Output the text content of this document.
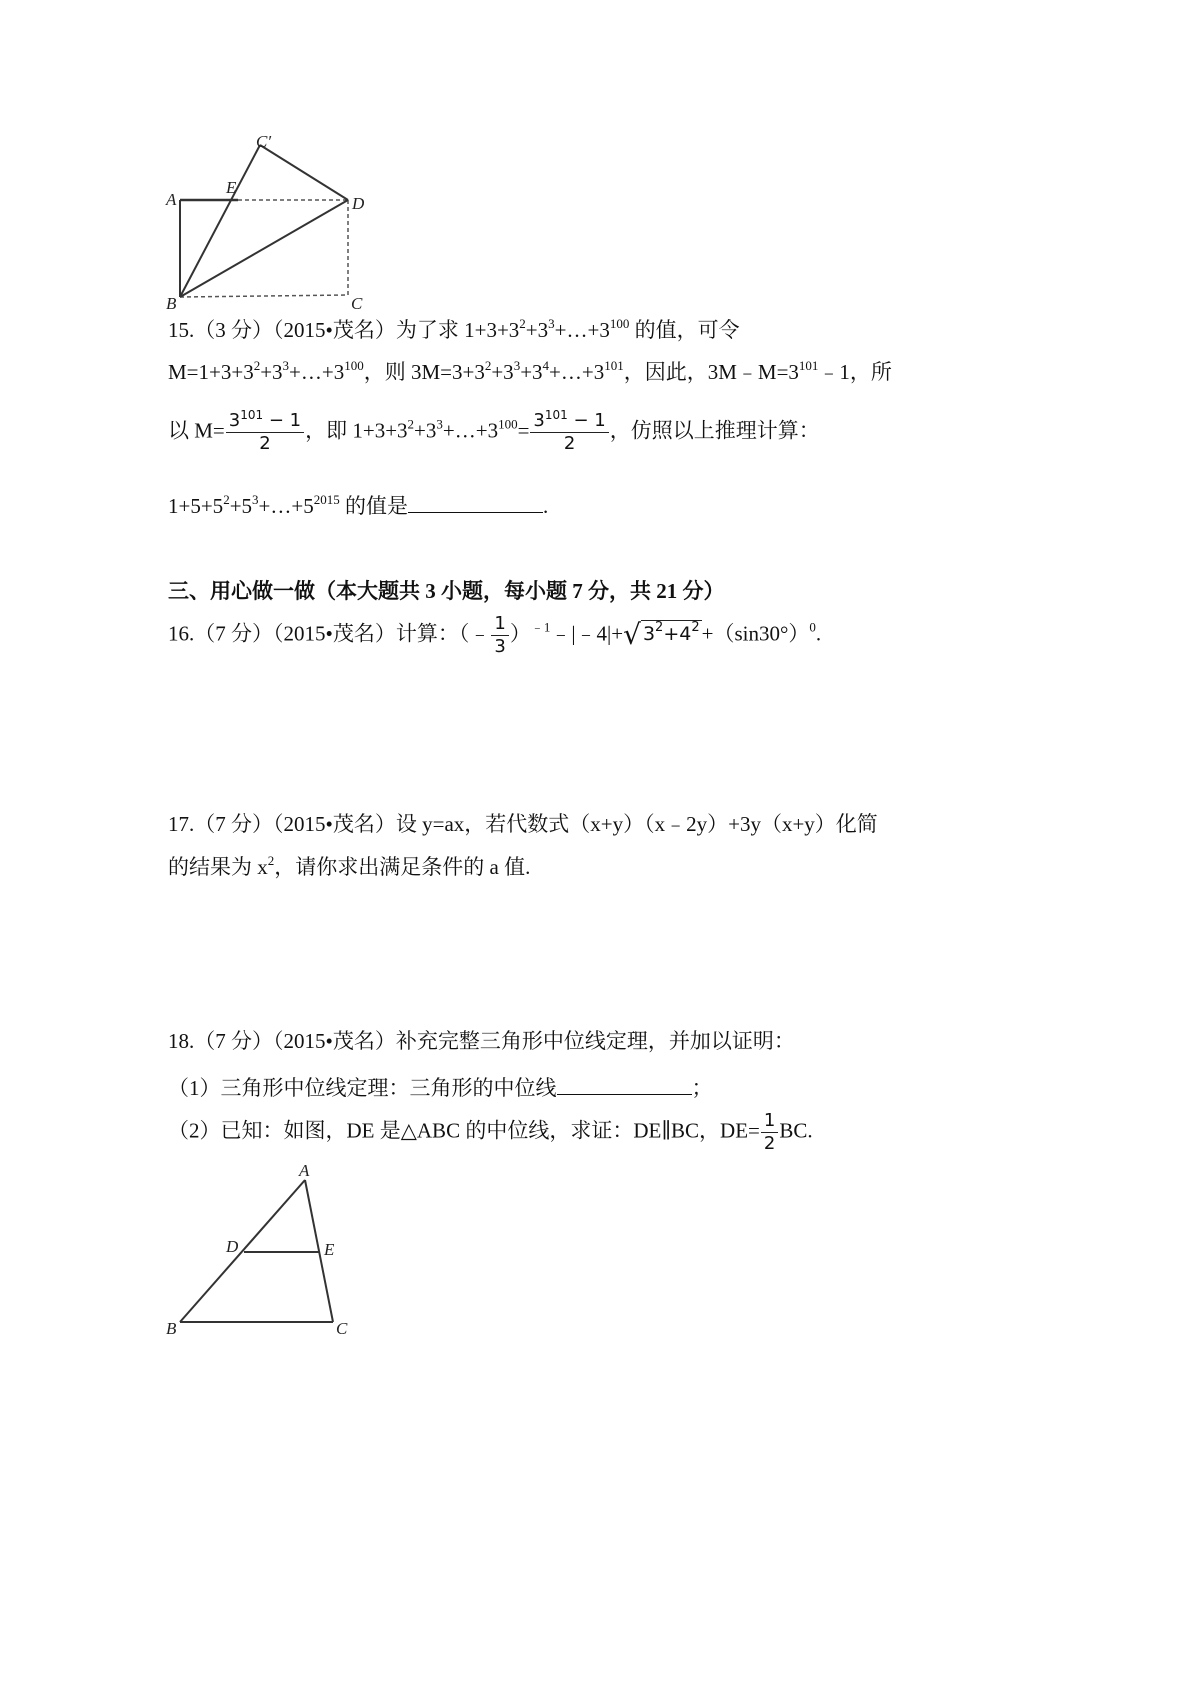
A
E
C′
D
B	C
15.（3 分）（2015•茂名）为了求 $1+3+3^2+3^3+\dots+3^{100}$ 的值，可令
$M=1+3+3^2+3^3+\dots+3^{100}$，则 $3M=3+3^2+3^3+3^4+\dots+3^{101}$，因此，$3M﹣M=3^{101}﹣1$，所
以 $M= \frac{3^{101} - 1}{2}$ ，即 $1+3+3^2+3^3+\dots+3^{100}= \frac{3^{101} - 1}{2}$ ，仿照以上推理计算：
$1+5+5^2+5^3+\dots+5^{2015}$ 的值是	.
三、用心做一做（本大题共 3 小题，每小题 7 分，共 21 分）
16.（7 分）（2015•茂名）计算：（﹣ $\frac{1}{3}$ ）$^{﹣1}$﹣|﹣4|+√ $3^2+4^2+(\sin 30^\circ)^0$.
17.（7 分）（2015•茂名）设 y=ax，若代数式（x+y）（x﹣2y）+3y（x+y）化简
的结果为 $x^2$，请你求出满足条件的 a 值.
18.（7 分）（2015•茂名）补充完整三角形中位线定理，并加以证明：
（1）三角形中位线定理：三角形的中位线	；
（2）已知：如图，DE 是△ABC 的中位线，求证：DE∥BC，$DE= \frac{1}{2}$ BC.
A
D	E
B	C
